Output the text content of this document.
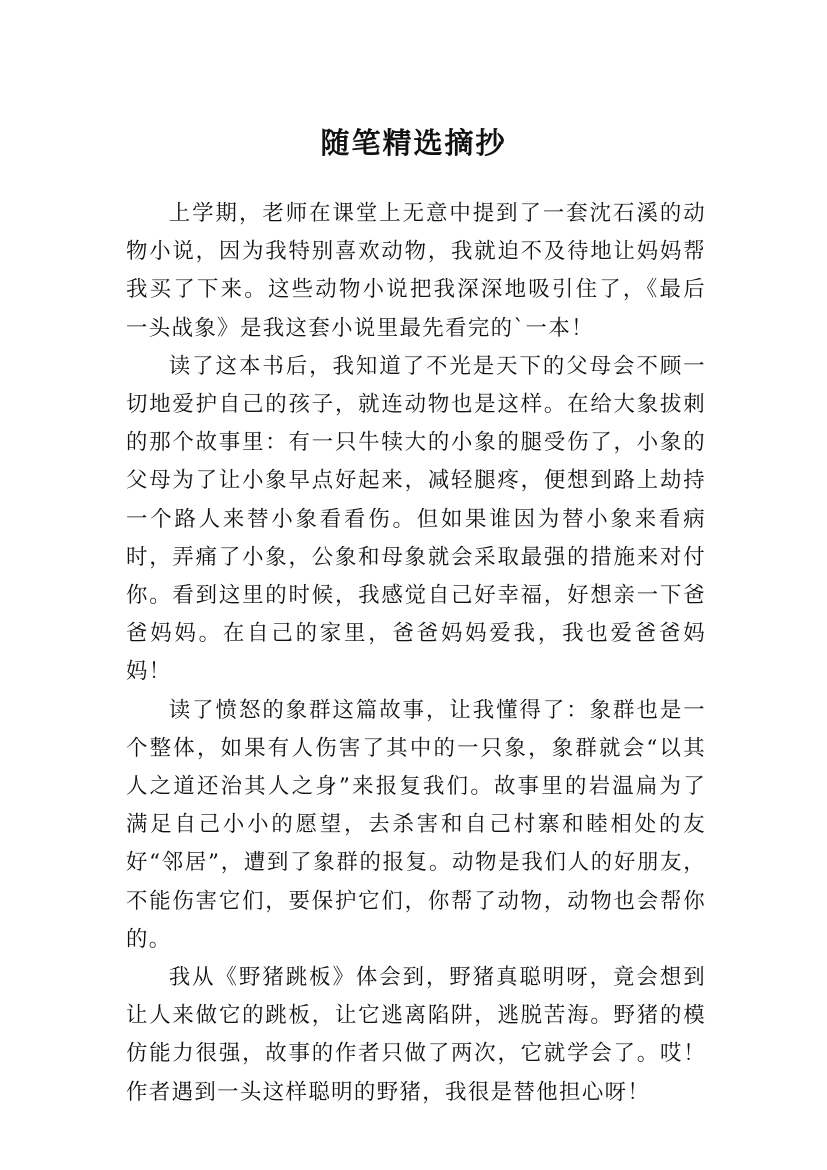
随笔精选摘抄

上学期，老师在课堂上无意中提到了一套沈石溪的动物小说，因为我特别喜欢动物，我就迫不及待地让妈妈帮我买了下来。这些动物小说把我深深地吸引住了，《最后一头战象》是我这套小说里最先看完的`一本！

读了这本书后，我知道了不光是天下的父母会不顾一切地爱护自己的孩子，就连动物也是这样。在给大象拔刺的那个故事里：有一只牛犊大的小象的腿受伤了，小象的父母为了让小象早点好起来，减轻腿疼，便想到路上劫持一个路人来替小象看看伤。但如果谁因为替小象来看病时，弄痛了小象，公象和母象就会采取最强的措施来对付你。看到这里的时候，我感觉自己好幸福，好想亲一下爸爸妈妈。在自己的家里，爸爸妈妈爱我，我也爱爸爸妈妈！

读了愤怒的象群这篇故事，让我懂得了：象群也是一个整体，如果有人伤害了其中的一只象，象群就会“以其人之道还治其人之身”来报复我们。故事里的岩温扁为了满足自己小小的愿望，去杀害和自己村寨和睦相处的友好“邻居”，遭到了象群的报复。动物是我们人的好朋友，不能伤害它们，要保护它们，你帮了动物，动物也会帮你的。

我从《野猪跳板》体会到，野猪真聪明呀，竟会想到让人来做它的跳板，让它逃离陷阱，逃脱苦海。野猪的模仿能力很强，故事的作者只做了两次，它就学会了。哎！作者遇到一头这样聪明的野猪，我很是替他担心呀！
